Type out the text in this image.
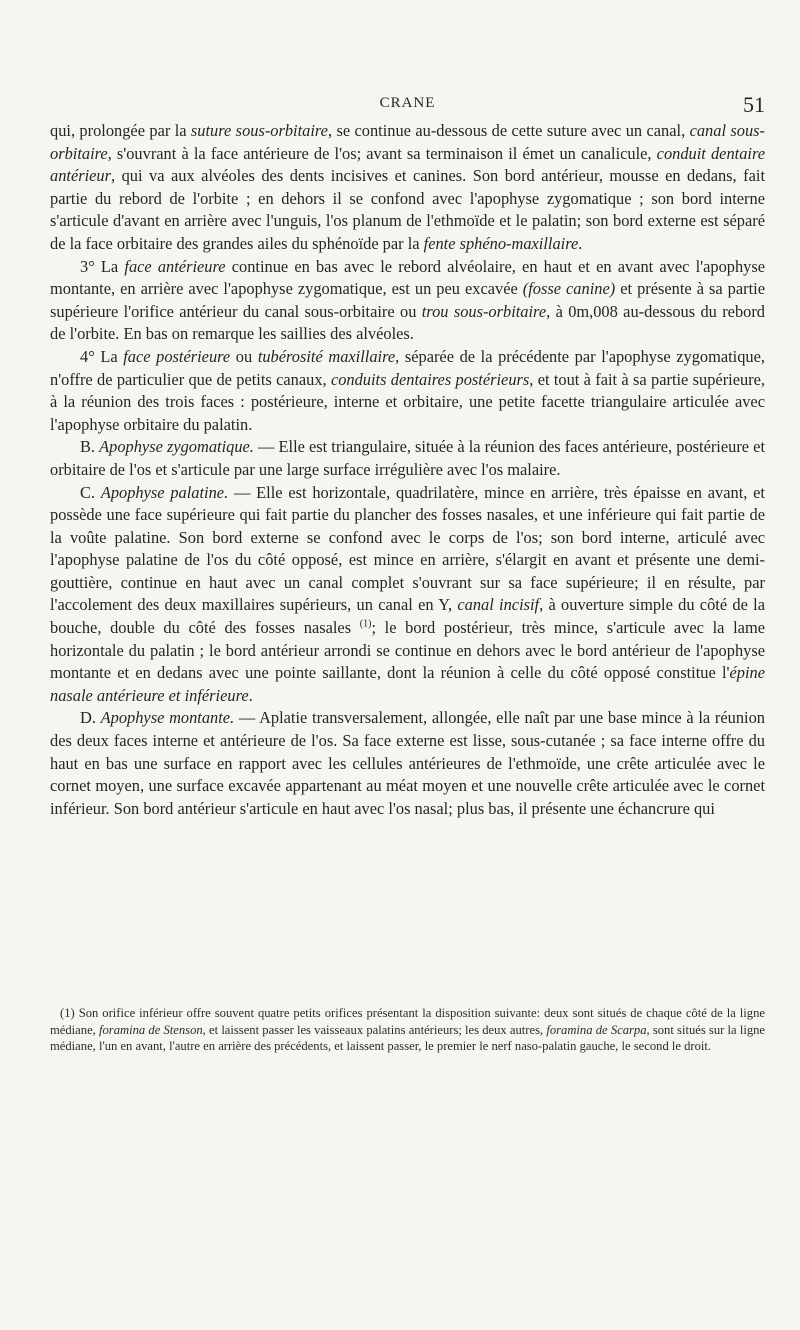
CRANE	51

qui, prolongée par la suture sous-orbitaire, se continue au-dessous de cette suture avec un canal, canal sous-orbitaire, s'ouvrant à la face antérieure de l'os; avant sa terminaison il émet un canalicule, conduit dentaire antérieur, qui va aux alvéoles des dents incisives et canines. Son bord antérieur, mousse en dedans, fait partie du rebord de l'orbite ; en dehors il se confond avec l'apophyse zygomatique ; son bord interne s'articule d'avant en arrière avec l'unguis, l'os planum de l'ethmoïde et le palatin; son bord externe est séparé de la face orbitaire des grandes ailes du sphénoïde par la fente sphéno-maxillaire.

3° La face antérieure continue en bas avec le rebord alvéolaire, en haut et en avant avec l'apophyse montante, en arrière avec l'apophyse zygomatique, est un peu excavée (fosse canine) et présente à sa partie supérieure l'orifice antérieur du canal sous-orbitaire ou trou sous-orbitaire, à 0m,008 au-dessous du rebord de l'orbite. En bas on remarque les saillies des alvéoles.

4° La face postérieure ou tubérosité maxillaire, séparée de la précédente par l'apophyse zygomatique, n'offre de particulier que de petits canaux, conduits dentaires postérieurs, et tout à fait à sa partie supérieure, à la réunion des trois faces : postérieure, interne et orbitaire, une petite facette triangulaire articulée avec l'apophyse orbitaire du palatin.

B. Apophyse zygomatique. — Elle est triangulaire, située à la réunion des faces antérieure, postérieure et orbitaire de l'os et s'articule par une large surface irrégulière avec l'os malaire.

C. Apophyse palatine. — Elle est horizontale, quadrilatère, mince en arrière, très épaisse en avant, et possède une face supérieure qui fait partie du plancher des fosses nasales, et une inférieure qui fait partie de la voûte palatine. Son bord externe se confond avec le corps de l'os; son bord interne, articulé avec l'apophyse palatine de l'os du côté opposé, est mince en arrière, s'élargit en avant et présente une demi-gouttière, continue en haut avec un canal complet s'ouvrant sur sa face supérieure; il en résulte, par l'accolement des deux maxillaires supérieurs, un canal en Y, canal incisif, à ouverture simple du côté de la bouche, double du côté des fosses nasales $^{(1)}$; le bord postérieur, très mince, s'articule avec la lame horizontale du palatin ; le bord antérieur arrondi se continue en dehors avec le bord antérieur de l'apophyse montante et en dedans avec une pointe saillante, dont la réunion à celle du côté opposé constitue l'épine nasale antérieure et inférieure.

D. Apophyse montante. — Aplatie transversalement, allongée, elle naît par une base mince à la réunion des deux faces interne et antérieure de l'os. Sa face externe est lisse, sous-cutanée ; sa face interne offre du haut en bas une surface en rapport avec les cellules antérieures de l'ethmoïde, une crête articulée avec le cornet moyen, une surface excavée appartenant au méat moyen et une nouvelle crête articulée avec le cornet inférieur. Son bord antérieur s'articule en haut avec l'os nasal; plus bas, il présente une échancrure qui

(1) Son orifice inférieur offre souvent quatre petits orifices présentant la disposition suivante: deux sont situés de chaque côté de la ligne médiane, foramina de Stenson, et laissent passer les vaisseaux palatins antérieurs; les deux autres, foramina de Scarpa, sont situés sur la ligne médiane, l'un en avant, l'autre en arrière des précédents, et laissent passer, le premier le nerf naso-palatin gauche, le second le droit.
